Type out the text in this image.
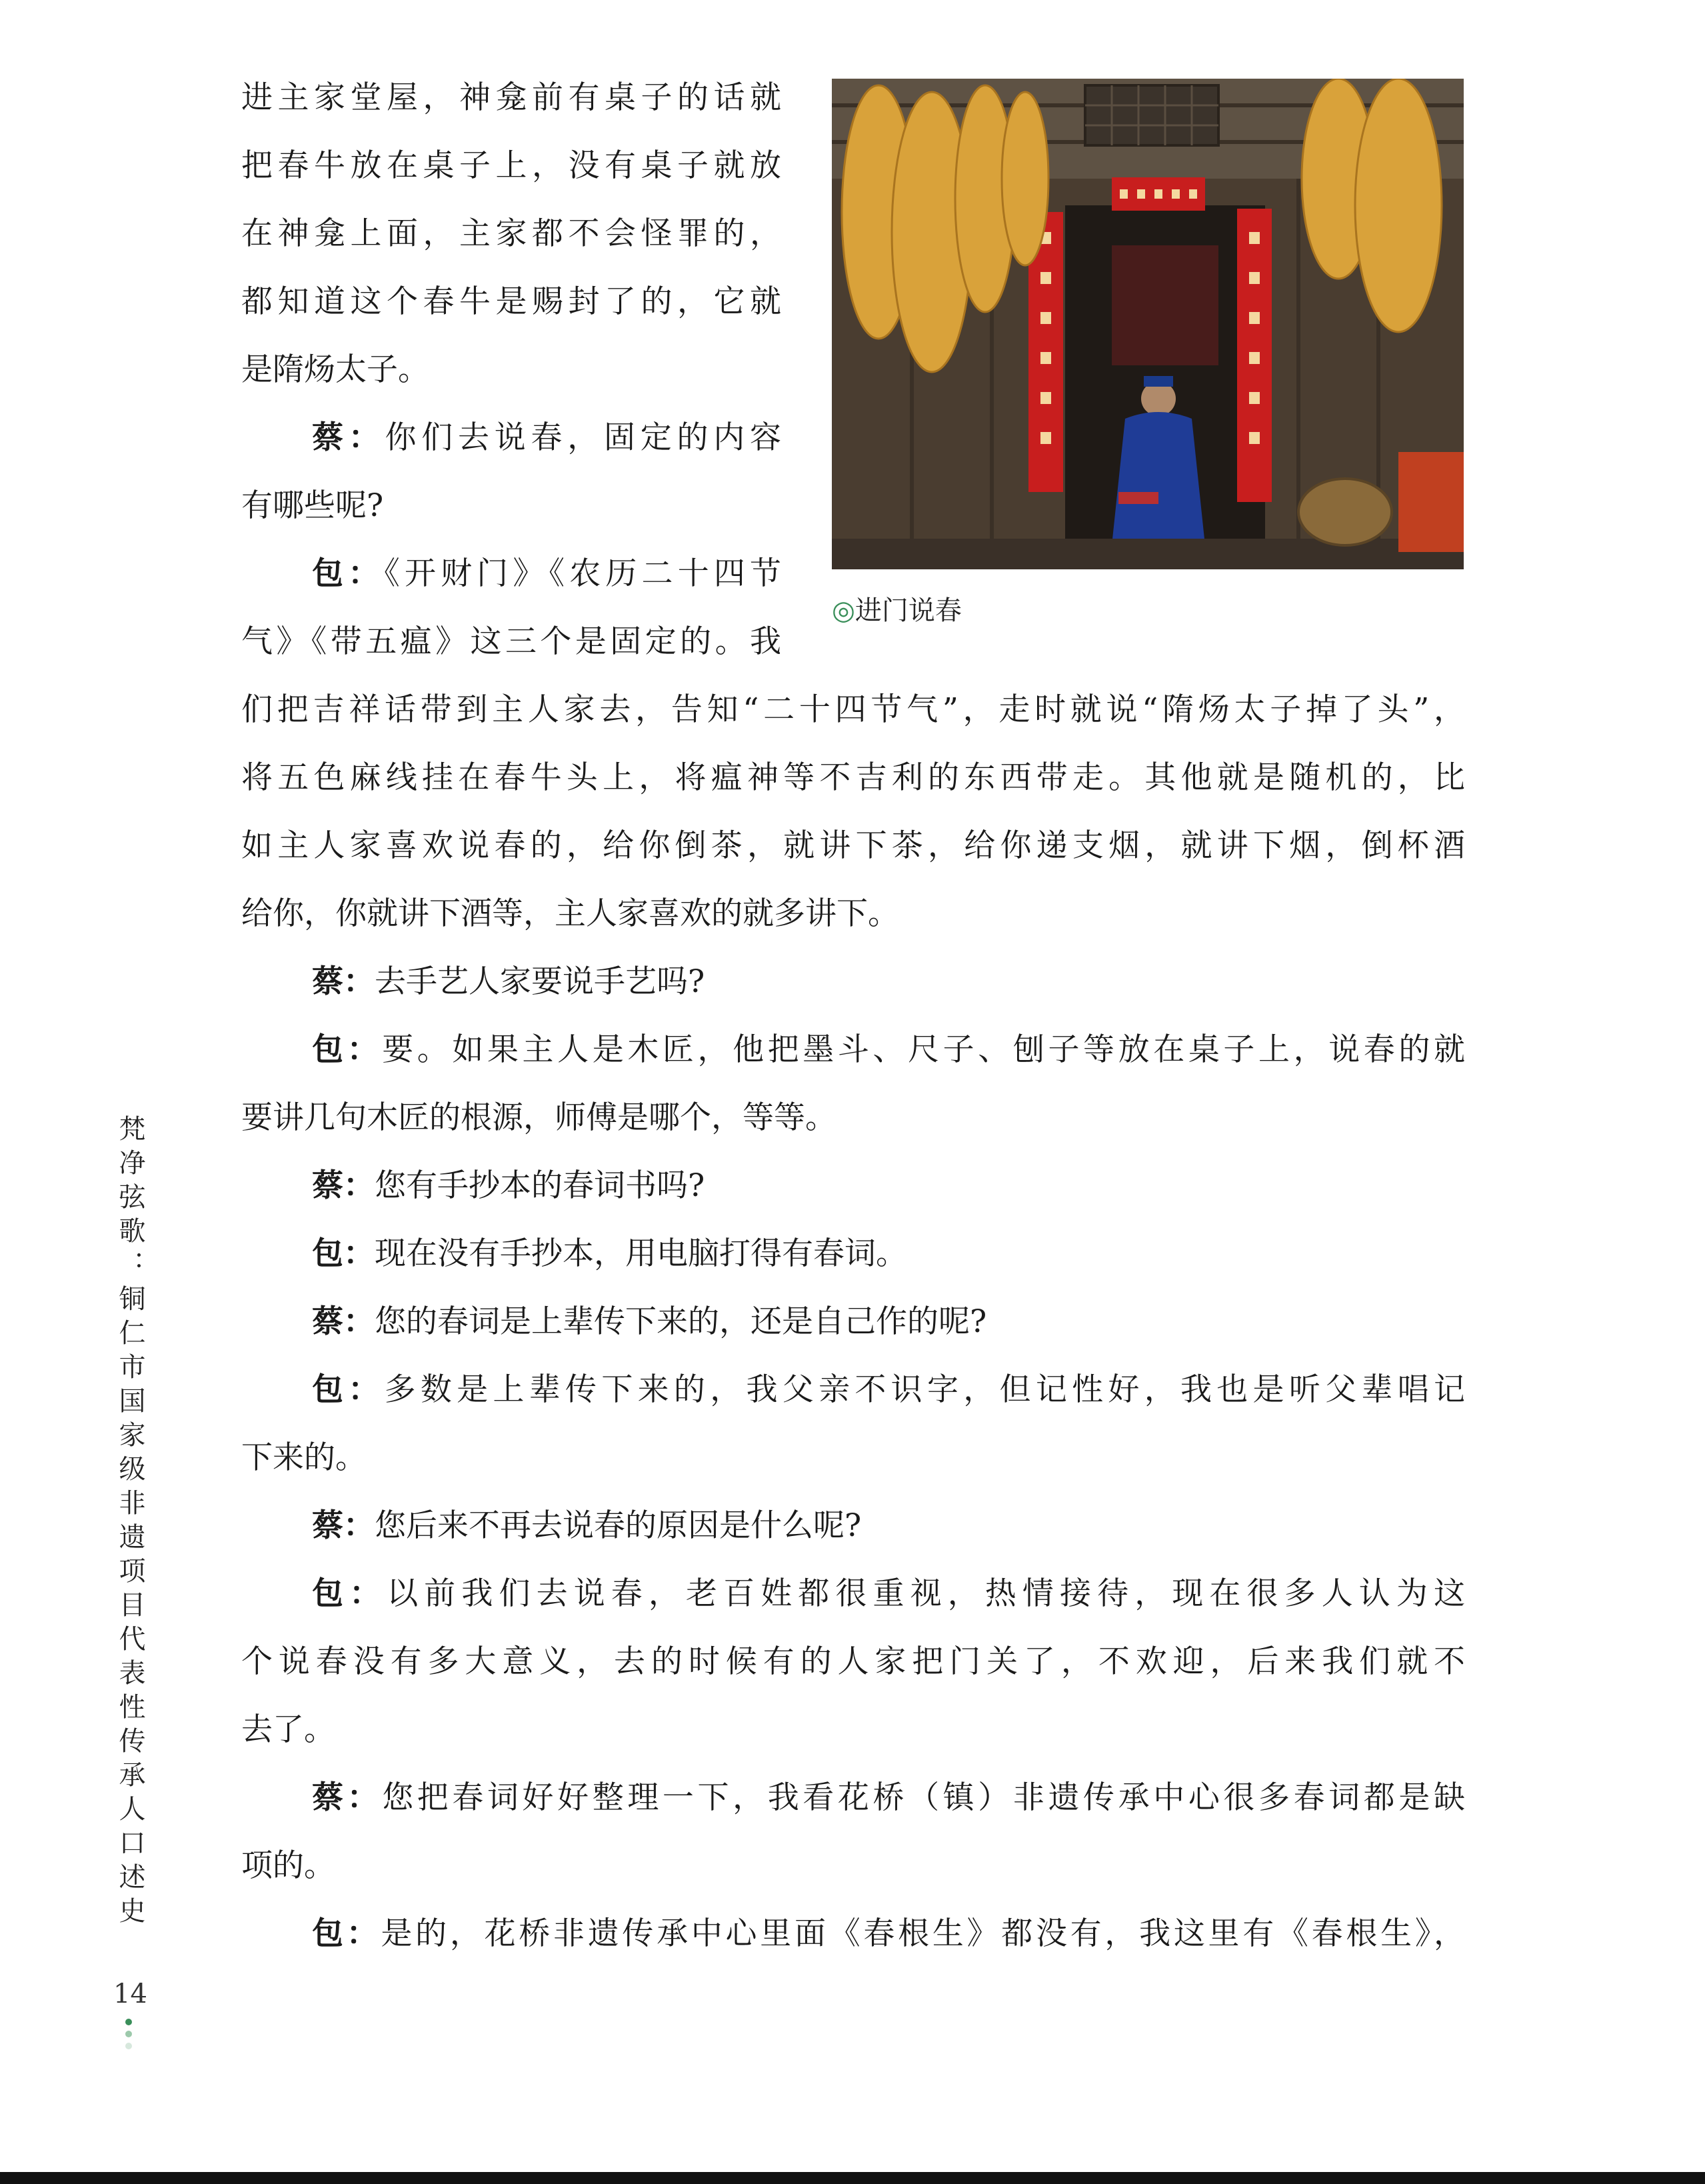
◎进门说春
进主家堂屋，神龛前有桌子的话就
把春牛放在桌子上，没有桌子就放
在神龛上面，主家都不会怪罪的，
都知道这个春牛是赐封了的，它就
是隋炀太子。
蔡：你们去说春，固定的内容
有哪些呢?
包：《开财门》《农历二十四节
气》《带五瘟》这三个是固定的。我
们把吉祥话带到主人家去，告知“二十四节气”，走时就说“隋炀太子掉了头”，
将五色麻线挂在春牛头上，将瘟神等不吉利的东西带走。其他就是随机的，比
如主人家喜欢说春的，给你倒茶，就讲下茶，给你递支烟，就讲下烟，倒杯酒
给你，你就讲下酒等，主人家喜欢的就多讲下。
蔡：去手艺人家要说手艺吗?
包：要。如果主人是木匠，他把墨斗、尺子、刨子等放在桌子上，说春的就
要讲几句木匠的根源，师傅是哪个，等等。
蔡：您有手抄本的春词书吗?
包：现在没有手抄本，用电脑打得有春词。
蔡：您的春词是上辈传下来的，还是自己作的呢?
包：多数是上辈传下来的，我父亲不识字，但记性好，我也是听父辈唱记
下来的。
蔡：您后来不再去说春的原因是什么呢?
包：以前我们去说春，老百姓都很重视，热情接待，现在很多人认为这
个说春没有多大意义，去的时候有的人家把门关了，不欢迎，后来我们就不
去了。
蔡：您把春词好好整理一下，我看花桥（镇）非遗传承中心很多春词都是缺
项的。
包：是的，花桥非遗传承中心里面《春根生》都没有，我这里有《春根生》，
梵净弦歌：铜仁市国家级非遗项目代表性传承人口述史
14
